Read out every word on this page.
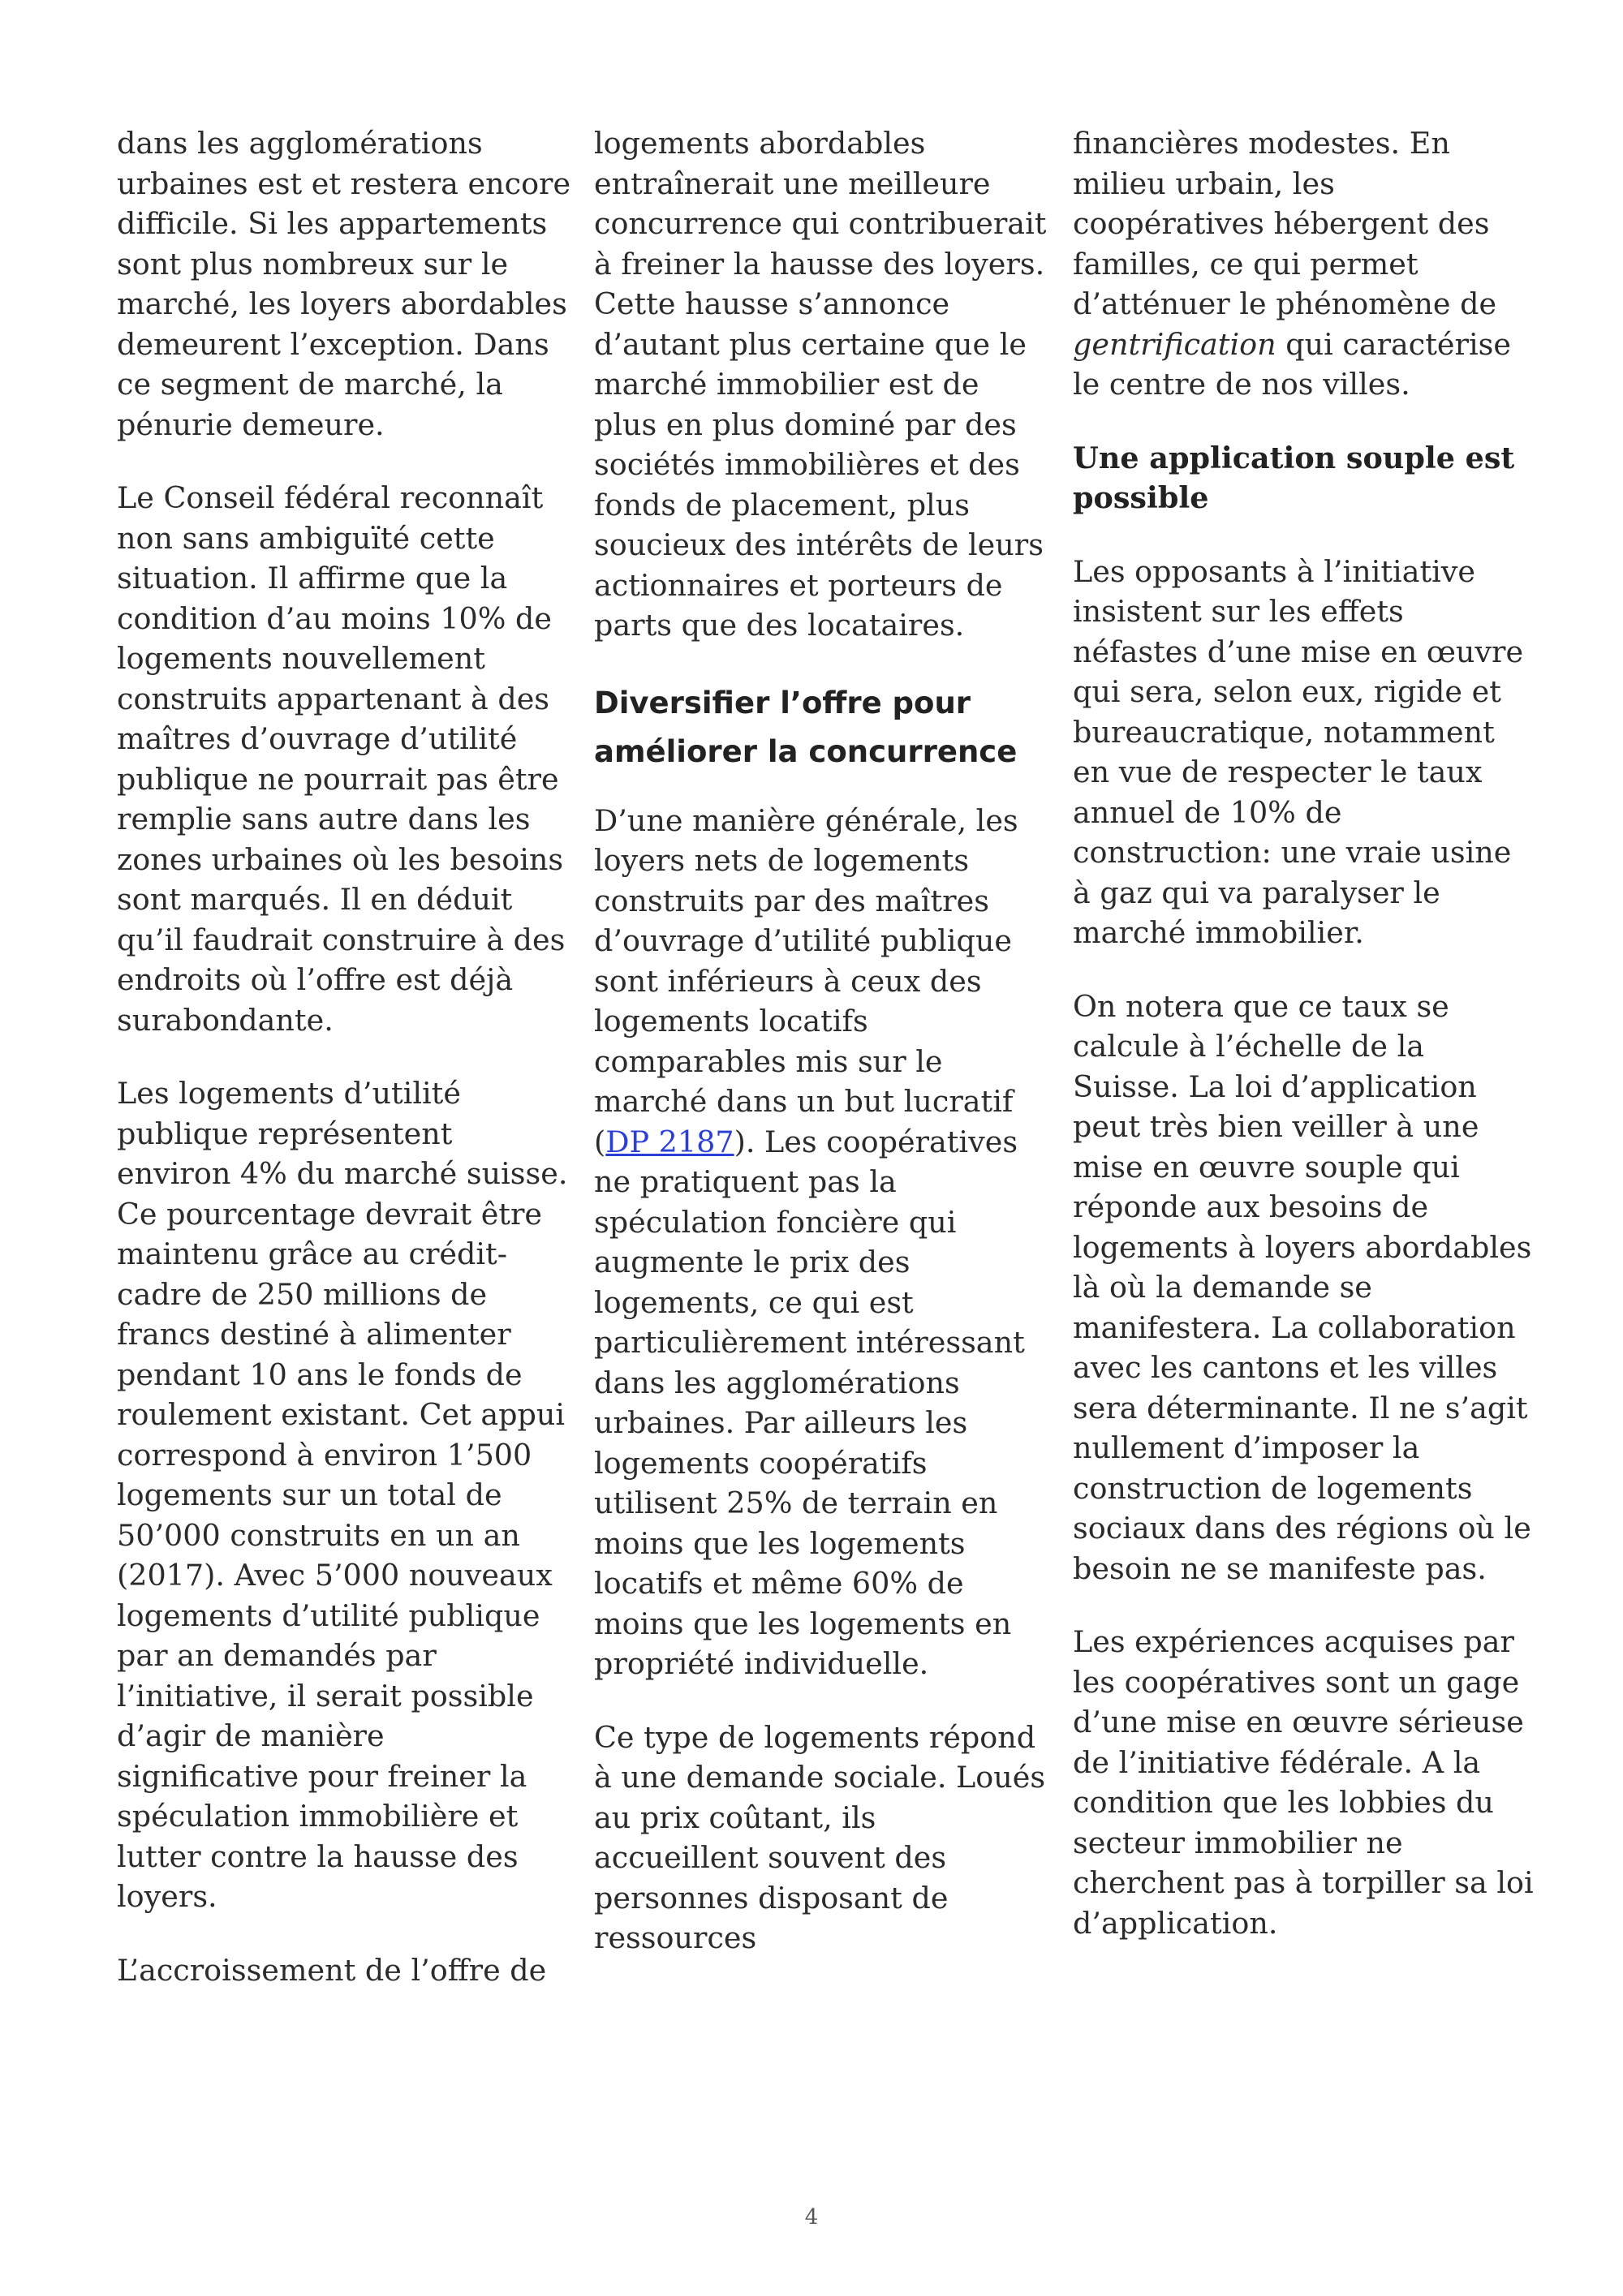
dans les agglomérations urbaines est et restera encore difficile. Si les appartements sont plus nombreux sur le marché, les loyers abordables demeurent l’exception. Dans ce segment de marché, la pénurie demeure.

Le Conseil fédéral reconnaît non sans ambiguïté cette situation. Il affirme que la condition d’au moins 10% de logements nouvellement construits appartenant à des maîtres d’ouvrage d’utilité publique ne pourrait pas être remplie sans autre dans les zones urbaines où les besoins sont marqués. Il en déduit qu’il faudrait construire à des endroits où l’offre est déjà surabondante.

Les logements d’utilité publique représentent environ 4% du marché suisse. Ce pourcentage devrait être maintenu grâce au crédit-cadre de 250 millions de francs destiné à alimenter pendant 10 ans le fonds de roulement existant. Cet appui correspond à environ 1’500 logements sur un total de 50’000 construits en un an (2017). Avec 5’000 nouveaux logements d’utilité publique par an demandés par l’initiative, il serait possible d’agir de manière significative pour freiner la spéculation immobilière et lutter contre la hausse des loyers.

L’accroissement de l’offre de

logements abordables entraînerait une meilleure concurrence qui contribuerait à freiner la hausse des loyers. Cette hausse s’annonce d’autant plus certaine que le marché immobilier est de plus en plus dominé par des sociétés immobilières et des fonds de placement, plus soucieux des intérêts de leurs actionnaires et porteurs de parts que des locataires.

Diversifier l’offre pour améliorer la concurrence

D’une manière générale, les loyers nets de logements construits par des maîtres d’ouvrage d’utilité publique sont inférieurs à ceux des logements locatifs comparables mis sur le marché dans un but lucratif (DP 2187). Les coopératives ne pratiquent pas la spéculation foncière qui augmente le prix des logements, ce qui est particulièrement intéressant dans les agglomérations urbaines. Par ailleurs les logements coopératifs utilisent 25% de terrain en moins que les logements locatifs et même 60% de moins que les logements en propriété individuelle.

Ce type de logements répond à une demande sociale. Loués au prix coûtant, ils accueillent souvent des personnes disposant de ressources

financières modestes. En milieu urbain, les coopératives hébergent des familles, ce qui permet d’atténuer le phénomène de gentrification qui caractérise le centre de nos villes.

Une application souple est possible

Les opposants à l’initiative insistent sur les effets néfastes d’une mise en œuvre qui sera, selon eux, rigide et bureaucratique, notamment en vue de respecter le taux annuel de 10% de construction: une vraie usine à gaz qui va paralyser le marché immobilier.

On notera que ce taux se calcule à l’échelle de la Suisse. La loi d’application peut très bien veiller à une mise en œuvre souple qui réponde aux besoins de logements à loyers abordables là où la demande se manifestera. La collaboration avec les cantons et les villes sera déterminante. Il ne s’agit nullement d’imposer la construction de logements sociaux dans des régions où le besoin ne se manifeste pas.

Les expériences acquises par les coopératives sont un gage d’une mise en œuvre sérieuse de l’initiative fédérale. A la condition que les lobbies du secteur immobilier ne cherchent pas à torpiller sa loi d’application.

4
